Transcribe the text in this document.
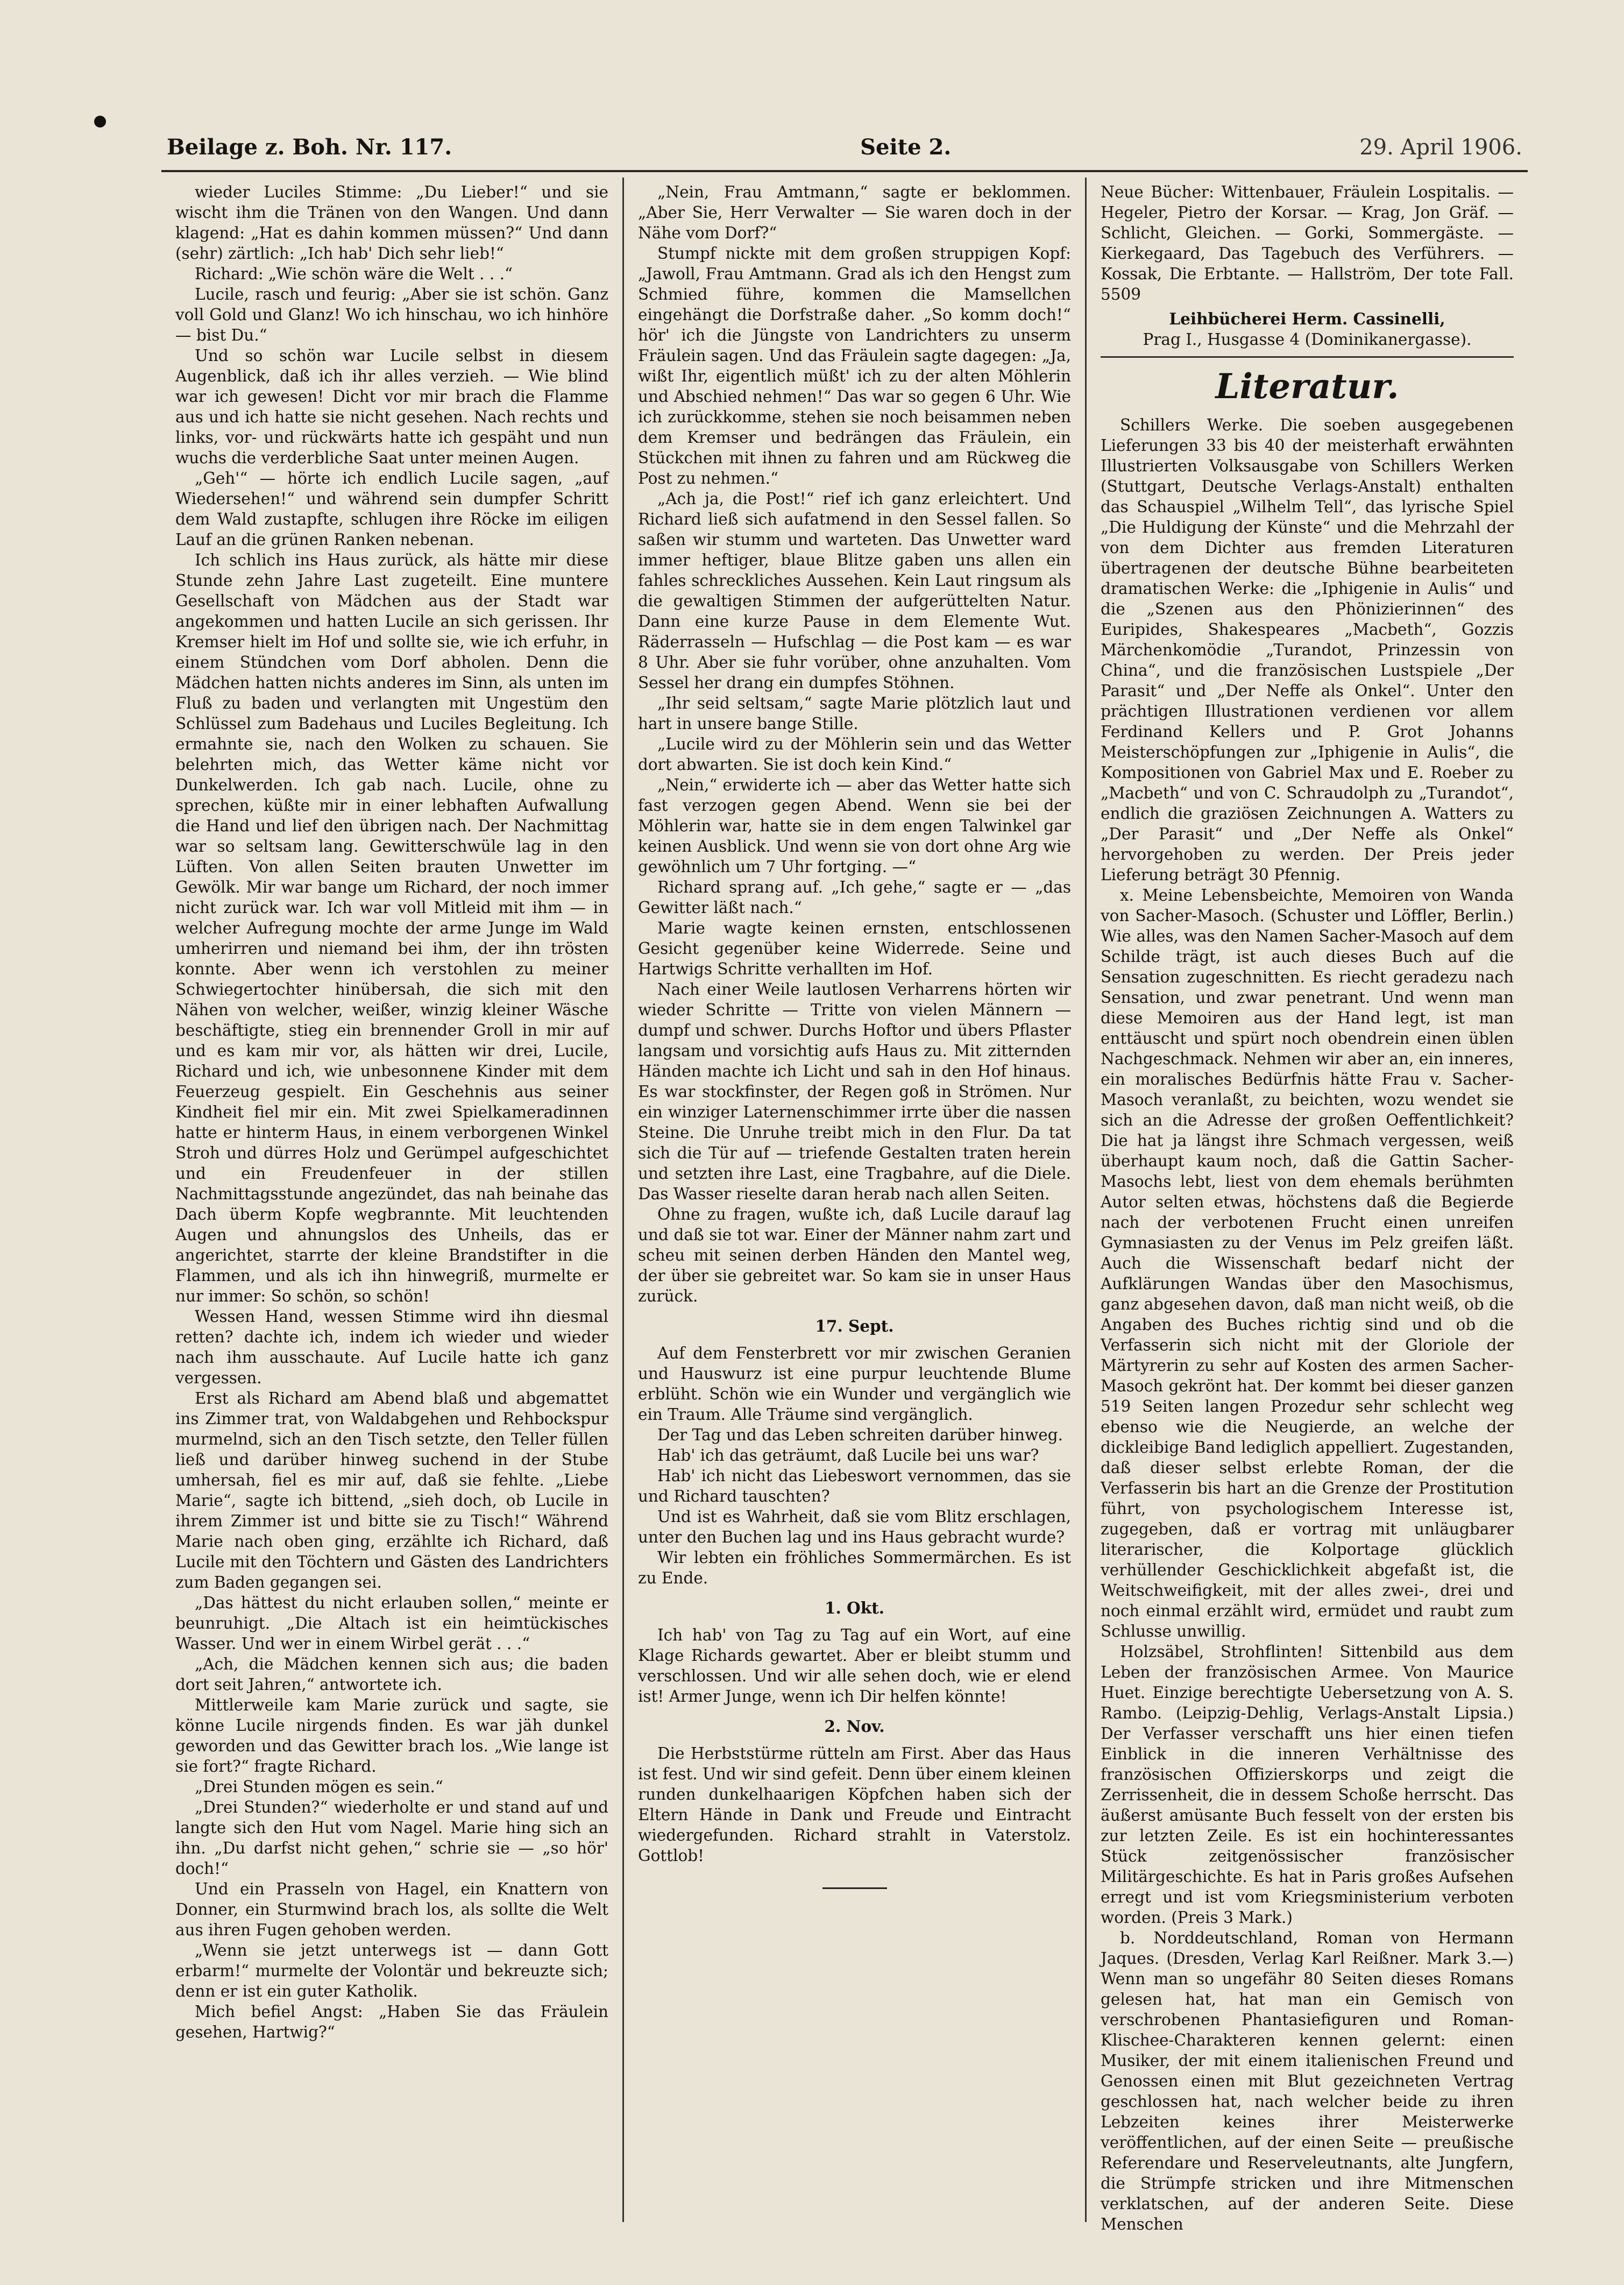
Beilage z. Boh. Nr. 117.	Seite 2.	29. April 1906.

wieder Luciles Stimme: „Du Lieber!“ und sie wischt ihm die Tränen von den Wangen. Und dann klagend: „Hat es dahin kommen müssen?“ Und dann (sehr) zärtlich: „Ich hab' Dich sehr lieb!“

Richard: „Wie schön wäre die Welt . . .“

Lucile, rasch und feurig: „Aber sie ist schön. Ganz voll Gold und Glanz! Wo ich hinschau, wo ich hinhöre — bist Du.“

Und so schön war Lucile selbst in diesem Augenblick, daß ich ihr alles verzieh. — Wie blind war ich gewesen! Dicht vor mir brach die Flamme aus und ich hatte sie nicht gesehen. Nach rechts und links, vor- und rückwärts hatte ich gespäht und nun wuchs die verderbliche Saat unter meinen Augen.

„Geh'“ — hörte ich endlich Lucile sagen, „auf Wiedersehen!“ und während sein dumpfer Schritt dem Wald zustapfte, schlugen ihre Röcke im eiligen Lauf an die grünen Ranken nebenan.

Ich schlich ins Haus zurück, als hätte mir diese Stunde zehn Jahre Last zugeteilt. Eine muntere Gesellschaft von Mädchen aus der Stadt war angekommen und hatten Lucile an sich gerissen. Ihr Kremser hielt im Hof und sollte sie, wie ich erfuhr, in einem Stündchen vom Dorf abholen. Denn die Mädchen hatten nichts anderes im Sinn, als unten im Fluß zu baden und verlangten mit Ungestüm den Schlüssel zum Badehaus und Luciles Begleitung. Ich ermahnte sie, nach den Wolken zu schauen. Sie belehrten mich, das Wetter käme nicht vor Dunkelwerden. Ich gab nach. Lucile, ohne zu sprechen, küßte mir in einer lebhaften Aufwallung die Hand und lief den übrigen nach. Der Nachmittag war so seltsam lang. Gewitterschwüle lag in den Lüften. Von allen Seiten brauten Unwetter im Gewölk. Mir war bange um Richard, der noch immer nicht zurück war. Ich war voll Mitleid mit ihm — in welcher Aufregung mochte der arme Junge im Wald umherirren und niemand bei ihm, der ihn trösten konnte. Aber wenn ich verstohlen zu meiner Schwiegertochter hinübersah, die sich mit den Nähen von welcher, weißer, winzig kleiner Wäsche beschäftigte, stieg ein brennender Groll in mir auf und es kam mir vor, als hätten wir drei, Lucile, Richard und ich, wie unbesonnene Kinder mit dem Feuerzeug gespielt. Ein Geschehnis aus seiner Kindheit fiel mir ein. Mit zwei Spielkameradinnen hatte er hinterm Haus, in einem verborgenen Winkel Stroh und dürres Holz und Gerümpel aufgeschichtet und ein Freudenfeuer in der stillen Nachmittagsstunde angezündet, das nah beinahe das Dach überm Kopfe wegbrannte. Mit leuchtenden Augen und ahnungslos des Unheils, das er angerichtet, starrte der kleine Brandstifter in die Flammen, und als ich ihn hinwegriß, murmelte er nur immer: So schön, so schön!

Wessen Hand, wessen Stimme wird ihn diesmal retten? dachte ich, indem ich wieder und wieder nach ihm ausschaute. Auf Lucile hatte ich ganz vergessen.

Erst als Richard am Abend blaß und abgemattet ins Zimmer trat, von Waldabgehen und Rehbockspur murmelnd, sich an den Tisch setzte, den Teller füllen ließ und darüber hinweg suchend in der Stube umhersah, fiel es mir auf, daß sie fehlte. „Liebe Marie“, sagte ich bittend, „sieh doch, ob Lucile in ihrem Zimmer ist und bitte sie zu Tisch!“ Während Marie nach oben ging, erzählte ich Richard, daß Lucile mit den Töchtern und Gästen des Landrichters zum Baden gegangen sei.

„Das hättest du nicht erlauben sollen,“ meinte er beunruhigt. „Die Altach ist ein heimtückisches Wasser. Und wer in einem Wirbel gerät . . .“

„Ach, die Mädchen kennen sich aus; die baden dort seit Jahren,“ antwortete ich.

Mittlerweile kam Marie zurück und sagte, sie könne Lucile nirgends finden. Es war jäh dunkel geworden und das Gewitter brach los. „Wie lange ist sie fort?“ fragte Richard.

„Drei Stunden mögen es sein.“

„Drei Stunden?“ wiederholte er und stand auf und langte sich den Hut vom Nagel. Marie hing sich an ihn. „Du darfst nicht gehen,“ schrie sie — „so hör' doch!“

Und ein Prasseln von Hagel, ein Knattern von Donner, ein Sturmwind brach los, als sollte die Welt aus ihren Fugen gehoben werden.

„Wenn sie jetzt unterwegs ist — dann Gott erbarm!“ murmelte der Volontär und bekreuzte sich; denn er ist ein guter Katholik.

Mich befiel Angst: „Haben Sie das Fräulein gesehen, Hartwig?“

„Nein, Frau Amtmann,“ sagte er beklommen. „Aber Sie, Herr Verwalter — Sie waren doch in der Nähe vom Dorf?“

Stumpf nickte mit dem großen struppigen Kopf: „Jawoll, Frau Amtmann. Grad als ich den Hengst zum Schmied führe, kommen die Mamsellchen eingehängt die Dorfstraße daher. „So komm doch!“ hör' ich die Jüngste von Landrichters zu unserm Fräulein sagen. Und das Fräulein sagte dagegen: „Ja, wißt Ihr, eigentlich müßt' ich zu der alten Möhlerin und Abschied nehmen!“ Das war so gegen 6 Uhr. Wie ich zurückkomme, stehen sie noch beisammen neben dem Kremser und bedrängen das Fräulein, ein Stückchen mit ihnen zu fahren und am Rückweg die Post zu nehmen.“

„Ach ja, die Post!“ rief ich ganz erleichtert. Und Richard ließ sich aufatmend in den Sessel fallen. So saßen wir stumm und warteten. Das Unwetter ward immer heftiger, blaue Blitze gaben uns allen ein fahles schreckliches Aussehen. Kein Laut ringsum als die gewaltigen Stimmen der aufgerüttelten Natur. Dann eine kurze Pause in dem Elemente Wut. Räderrasseln — Hufschlag — die Post kam — es war 8 Uhr. Aber sie fuhr vorüber, ohne anzuhalten. Vom Sessel her drang ein dumpfes Stöhnen.

„Ihr seid seltsam,“ sagte Marie plötzlich laut und hart in unsere bange Stille.

„Lucile wird zu der Möhlerin sein und das Wetter dort abwarten. Sie ist doch kein Kind.“

„Nein,“ erwiderte ich — aber das Wetter hatte sich fast verzogen gegen Abend. Wenn sie bei der Möhlerin war, hatte sie in dem engen Talwinkel gar keinen Ausblick. Und wenn sie von dort ohne Arg wie gewöhnlich um 7 Uhr fortging. —“

Richard sprang auf. „Ich gehe,“ sagte er — „das Gewitter läßt nach.“

Marie wagte keinen ernsten, entschlossenen Gesicht gegenüber keine Widerrede. Seine und Hartwigs Schritte verhallten im Hof.

Nach einer Weile lautlosen Verharrens hörten wir wieder Schritte — Tritte von vielen Männern — dumpf und schwer. Durchs Hoftor und übers Pflaster langsam und vorsichtig aufs Haus zu. Mit zitternden Händen machte ich Licht und sah in den Hof hinaus. Es war stockfinster, der Regen goß in Strömen. Nur ein winziger Laternenschimmer irrte über die nassen Steine. Die Unruhe treibt mich in den Flur. Da tat sich die Tür auf — triefende Gestalten traten herein und setzten ihre Last, eine Tragbahre, auf die Diele. Das Wasser rieselte daran herab nach allen Seiten.

Ohne zu fragen, wußte ich, daß Lucile darauf lag und daß sie tot war. Einer der Männer nahm zart und scheu mit seinen derben Händen den Mantel weg, der über sie gebreitet war. So kam sie in unser Haus zurück.

17. Sept.

Auf dem Fensterbrett vor mir zwischen Geranien und Hauswurz ist eine purpur leuchtende Blume erblüht. Schön wie ein Wunder und vergänglich wie ein Traum. Alle Träume sind vergänglich.

Der Tag und das Leben schreiten darüber hinweg.

Hab' ich das geträumt, daß Lucile bei uns war?

Hab' ich nicht das Liebeswort vernommen, das sie und Richard tauschten?

Und ist es Wahrheit, daß sie vom Blitz erschlagen, unter den Buchen lag und ins Haus gebracht wurde?

Wir lebten ein fröhliches Sommermärchen. Es ist zu Ende.

1. Okt.

Ich hab' von Tag zu Tag auf ein Wort, auf eine Klage Richards gewartet. Aber er bleibt stumm und verschlossen. Und wir alle sehen doch, wie er elend ist! Armer Junge, wenn ich Dir helfen könnte!

2. Nov.

Die Herbststürme rütteln am First. Aber das Haus ist fest. Und wir sind gefeit. Denn über einem kleinen runden dunkelhaarigen Köpfchen haben sich der Eltern Hände in Dank und Freude und Eintracht wiedergefunden. Richard strahlt in Vaterstolz. Gottlob!

Neue Bücher: Wittenbauer, Fräulein Lospitalis. — Hegeler, Pietro der Korsar. — Krag, Jon Gräf. — Schlicht, Gleichen. — Gorki, Sommergäste. — Kierkegaard, Das Tagebuch des Verführers. — Kossak, Die Erbtante. — Hallström, Der tote Fall. 5509

Leihbücherei Herm. Cassinelli,

Prag I., Husgasse 4 (Dominikanergasse).

Literatur.

Schillers Werke. Die soeben ausgegebenen Lieferungen 33 bis 40 der meisterhaft erwähnten Illustrierten Volksausgabe von Schillers Werken (Stuttgart, Deutsche Verlags-Anstalt) enthalten das Schauspiel „Wilhelm Tell“, das lyrische Spiel „Die Huldigung der Künste“ und die Mehrzahl der von dem Dichter aus fremden Literaturen übertragenen der deutsche Bühne bearbeiteten dramatischen Werke: die „Iphigenie in Aulis“ und die „Szenen aus den Phönizierinnen“ des Euripides, Shakespeares „Macbeth“, Gozzis Märchenkomödie „Turandot, Prinzessin von China“, und die französischen Lustspiele „Der Parasit“ und „Der Neffe als Onkel“. Unter den prächtigen Illustrationen verdienen vor allem Ferdinand Kellers und P. Grot Johanns Meisterschöpfungen zur „Iphigenie in Aulis“, die Kompositionen von Gabriel Max und E. Roeber zu „Macbeth“ und von C. Schraudolph zu „Turandot“, endlich die graziösen Zeichnungen A. Watters zu „Der Parasit“ und „Der Neffe als Onkel“ hervorgehoben zu werden. Der Preis jeder Lieferung beträgt 30 Pfennig.

x. Meine Lebensbeichte, Memoiren von Wanda von Sacher-Masoch. (Schuster und Löffler, Berlin.) Wie alles, was den Namen Sacher-Masoch auf dem Schilde trägt, ist auch dieses Buch auf die Sensation zugeschnitten. Es riecht geradezu nach Sensation, und zwar penetrant. Und wenn man diese Memoiren aus der Hand legt, ist man enttäuscht und spürt noch obendrein einen üblen Nachgeschmack. Nehmen wir aber an, ein inneres, ein moralisches Bedürfnis hätte Frau v. Sacher-Masoch veranlaßt, zu beichten, wozu wendet sie sich an die Adresse der großen Oeffentlichkeit? Die hat ja längst ihre Schmach vergessen, weiß überhaupt kaum noch, daß die Gattin Sacher-Masochs lebt, liest von dem ehemals berühmten Autor selten etwas, höchstens daß die Begierde nach der verbotenen Frucht einen unreifen Gymnasiasten zu der Venus im Pelz greifen läßt. Auch die Wissenschaft bedarf nicht der Aufklärungen Wandas über den Masochismus, ganz abgesehen davon, daß man nicht weiß, ob die Angaben des Buches richtig sind und ob die Verfasserin sich nicht mit der Gloriole der Märtyrerin zu sehr auf Kosten des armen Sacher-Masoch gekrönt hat. Der kommt bei dieser ganzen 519 Seiten langen Prozedur sehr schlecht weg ebenso wie die Neugierde, an welche der dickleibige Band lediglich appelliert. Zugestanden, daß dieser selbst erlebte Roman, der die Verfasserin bis hart an die Grenze der Prostitution führt, von psychologischem Interesse ist, zugegeben, daß er vortrag mit unläugbarer literarischer, die Kolportage glücklich verhüllender Geschicklichkeit abgefaßt ist, die Weitschweifigkeit, mit der alles zwei-, drei und noch einmal erzählt wird, ermüdet und raubt zum Schlusse unwillig.

Holzsäbel, Strohflinten! Sittenbild aus dem Leben der französischen Armee. Von Maurice Huet. Einzige berechtigte Uebersetzung von A. S. Rambo. (Leipzig-Dehlig, Verlags-Anstalt Lipsia.) Der Verfasser verschafft uns hier einen tiefen Einblick in die inneren Verhältnisse des französischen Offizierskorps und zeigt die Zerrissenheit, die in dessem Schoße herrscht. Das äußerst amüsante Buch fesselt von der ersten bis zur letzten Zeile. Es ist ein hochinteressantes Stück zeitgenössischer französischer Militärgeschichte. Es hat in Paris großes Aufsehen erregt und ist vom Kriegsministerium verboten worden. (Preis 3 Mark.)

b. Norddeutschland, Roman von Hermann Jaques. (Dresden, Verlag Karl Reißner. Mark 3.—) Wenn man so ungefähr 80 Seiten dieses Romans gelesen hat, hat man ein Gemisch von verschrobenen Phantasiefiguren und Roman-Klischee-Charakteren kennen gelernt: einen Musiker, der mit einem italienischen Freund und Genossen einen mit Blut gezeichneten Vertrag geschlossen hat, nach welcher beide zu ihren Lebzeiten keines ihrer Meisterwerke veröffentlichen, auf der einen Seite — preußische Referendare und Reserveleutnants, alte Jungfern, die Strümpfe stricken und ihre Mitmenschen verklatschen, auf der anderen Seite. Diese Menschen
